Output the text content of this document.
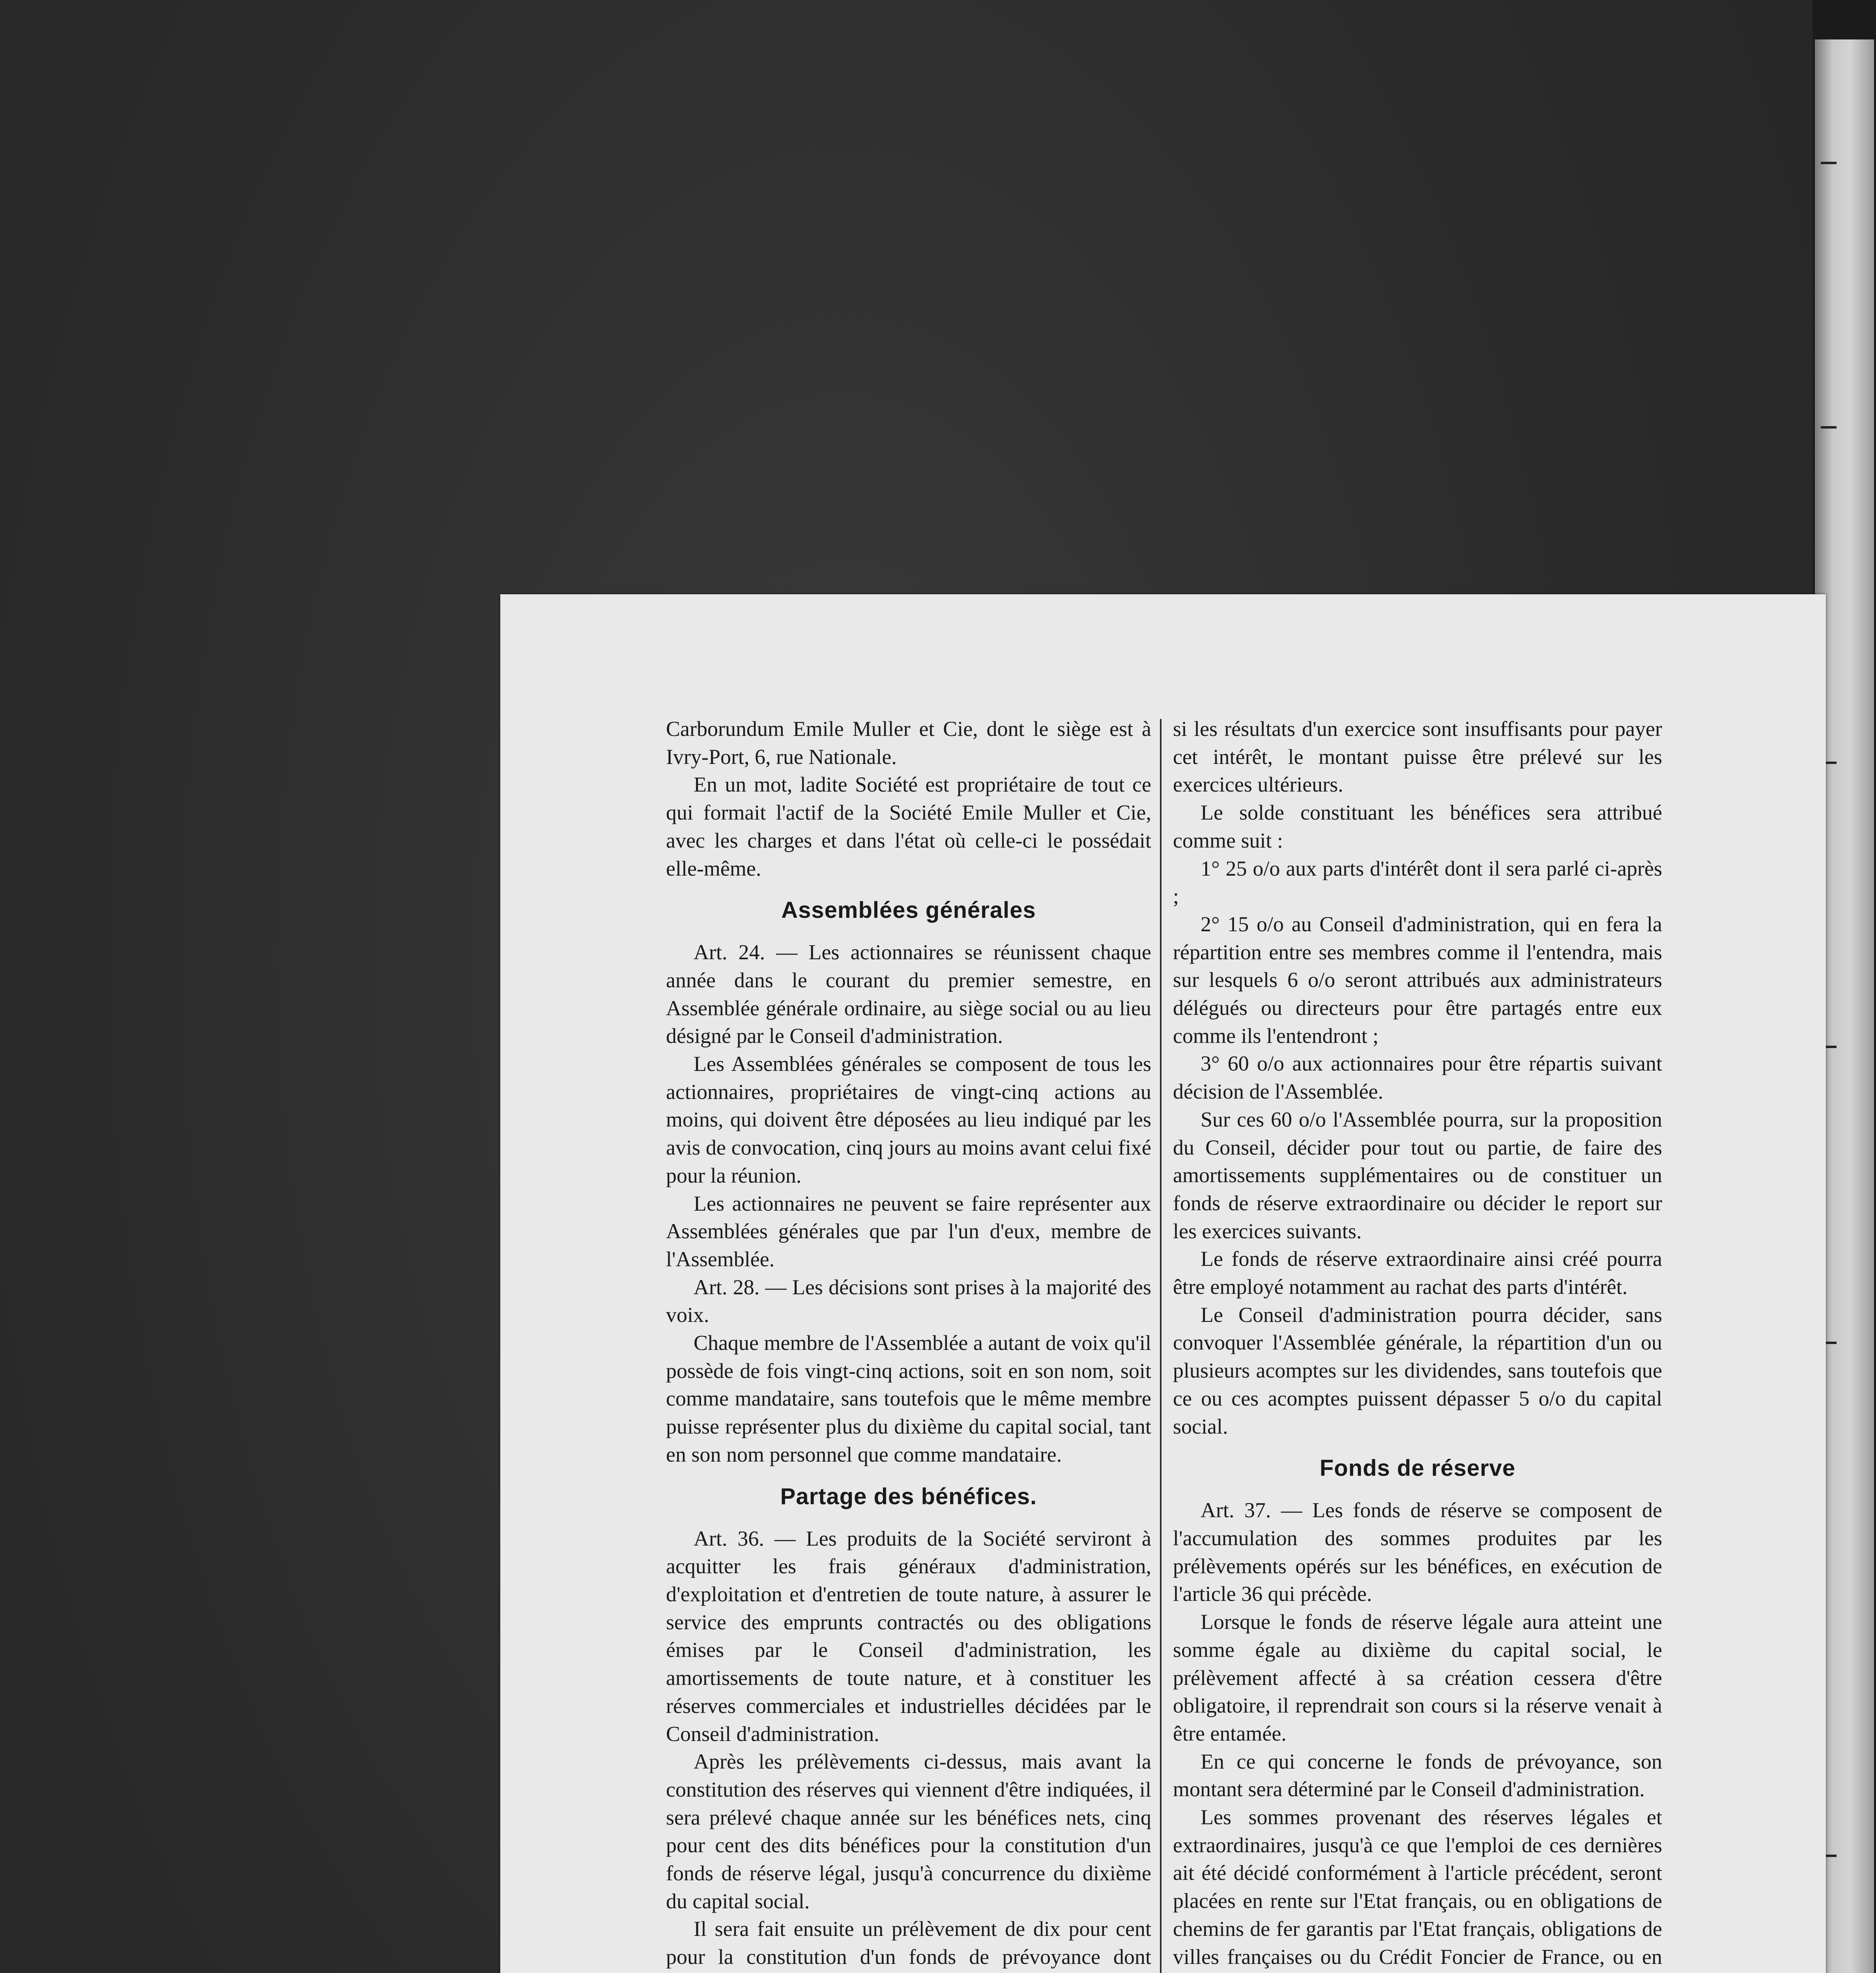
Carborundum Emile Muller et Cie, dont le siège est à Ivry-Port, 6, rue Nationale.

En un mot, ladite Société est propriétaire de tout ce qui formait l'actif de la Société Emile Muller et Cie, avec les charges et dans l'état où celle-ci le possédait elle-même.

Assemblées générales

Art. 24. — Les actionnaires se réunissent chaque année dans le courant du premier semestre, en Assemblée générale ordinaire, au siège social ou au lieu désigné par le Conseil d'administration.

Les Assemblées générales se composent de tous les actionnaires, propriétaires de vingt-cinq actions au moins, qui doivent être déposées au lieu indiqué par les avis de convocation, cinq jours au moins avant celui fixé pour la réunion.

Les actionnaires ne peuvent se faire représenter aux Assemblées générales que par l'un d'eux, membre de l'Assemblée.

Art. 28. — Les décisions sont prises à la majorité des voix.

Chaque membre de l'Assemblée a autant de voix qu'il possède de fois vingt-cinq actions, soit en son nom, soit comme mandataire, sans toutefois que le même membre puisse représenter plus du dixième du capital social, tant en son nom personnel que comme mandataire.

Partage des bénéfices.

Art. 36. — Les produits de la Société serviront à acquitter les frais généraux d'administration, d'exploitation et d'entretien de toute nature, à assurer le service des emprunts contractés ou des obligations émises par le Conseil d'administration, les amortissements de toute nature, et à constituer les réserves commerciales et industrielles décidées par le Conseil d'administration.

Après les prélèvements ci-dessus, mais avant la constitution des réserves qui viennent d'être indiquées, il sera prélevé chaque année sur les bénéfices nets, cinq pour cent des dits bénéfices pour la constitution d'un fonds de réserve légal, jusqu'à concurrence du dixième du capital social.

Il sera fait ensuite un prélèvement de dix pour cent pour la constitution d'un fonds de prévoyance dont

si les résultats d'un exercice sont insuffisants pour payer cet intérêt, le montant puisse être prélevé sur les exercices ultérieurs.

Le solde constituant les bénéfices sera attribué comme suit :

1° 25 o/o aux parts d'intérêt dont il sera parlé ci-après ;

2° 15 o/o au Conseil d'administration, qui en fera la répartition entre ses membres comme il l'entendra, mais sur lesquels 6 o/o seront attribués aux administrateurs délégués ou directeurs pour être partagés entre eux comme ils l'entendront ;

3° 60 o/o aux actionnaires pour être répartis suivant décision de l'Assemblée.

Sur ces 60 o/o l'Assemblée pourra, sur la proposition du Conseil, décider pour tout ou partie, de faire des amortissements supplémentaires ou de constituer un fonds de réserve extraordinaire ou décider le report sur les exercices suivants.

Le fonds de réserve extraordinaire ainsi créé pourra être employé notamment au rachat des parts d'intérêt.

Le Conseil d'administration pourra décider, sans convoquer l'Assemblée générale, la répartition d'un ou plusieurs acomptes sur les dividendes, sans toutefois que ce ou ces acomptes puissent dépasser 5 o/o du capital social.

Fonds de réserve

Art. 37. — Les fonds de réserve se composent de l'accumulation des sommes produites par les prélèvements opérés sur les bénéfices, en exécution de l'article 36 qui précède.

Lorsque le fonds de réserve légale aura atteint une somme égale au dixième du capital social, le prélèvement affecté à sa création cessera d'être obligatoire, il reprendrait son cours si la réserve venait à être entamée.

En ce qui concerne le fonds de prévoyance, son montant sera déterminé par le Conseil d'administration.

Les sommes provenant des réserves légales et extraordinaires, jusqu'à ce que l'emploi de ces dernières ait été décidé conformément à l'article précédent, seront placées en rente sur l'Etat français, ou en obligations de chemins de fer garantis par l'Etat français, obligations de villes françaises ou du Crédit Foncier de France, ou en
